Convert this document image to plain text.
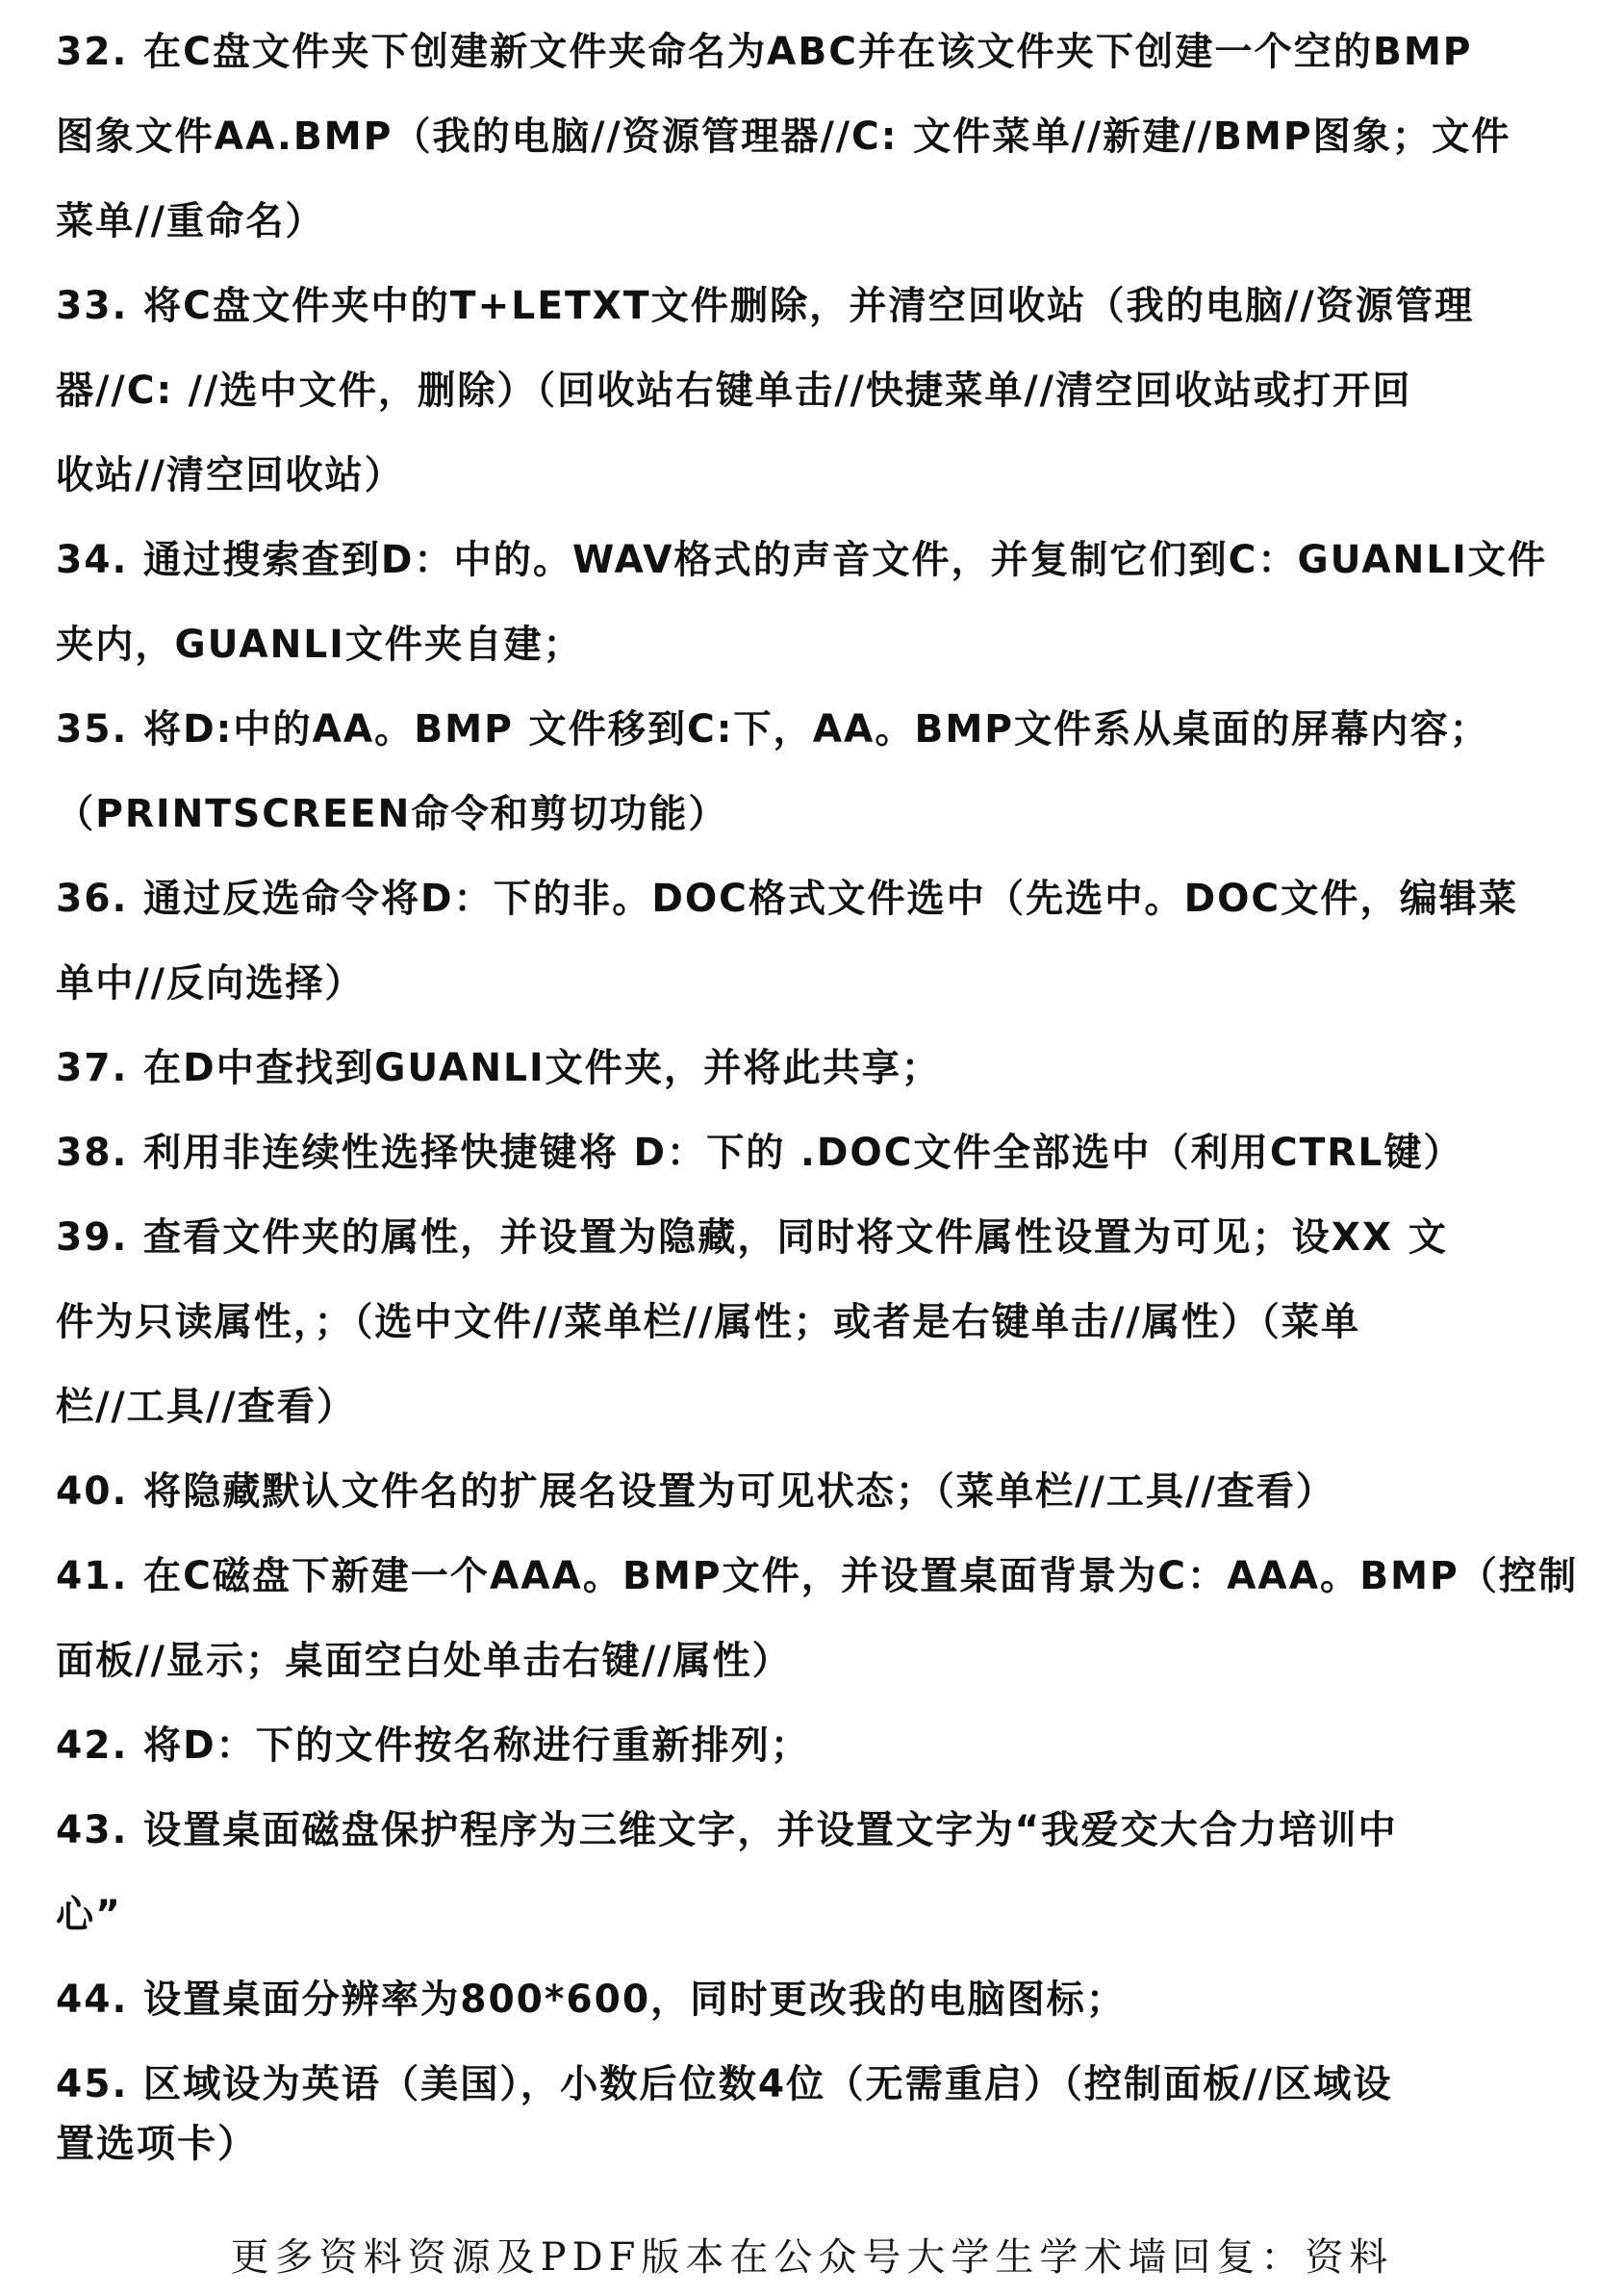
32. 在C盘文件夹下创建新文件夹命名为ABC并在该文件夹下创建一个空的BMP
图象文件AA.BMP（我的电脑//资源管理器//C: 文件菜单//新建//BMP图象；文件
菜单//重命名）
33. 将C盘文件夹中的T+LETXT文件删除，并清空回收站（我的电脑//资源管理
器//C: //选中文件，删除）（回收站右键单击//快捷菜单//清空回收站或打开回
收站//清空回收站）
34. 通过搜索查到D：中的。WAV格式的声音文件，并复制它们到C：GUANLI文件
夹内，GUANLI文件夹自建；
35. 将D:中的AA。BMP 文件移到C:下，AA。BMP文件系从桌面的屏幕内容；
（PRINTSCREEN命令和剪切功能）
36. 通过反选命令将D：下的非。DOC格式文件选中（先选中。DOC文件，编辑菜
单中//反向选择）
37. 在D中查找到GUANLI文件夹，并将此共享；
38. 利用非连续性选择快捷键将 D：下的 .DOC文件全部选中（利用CTRL键）
39. 查看文件夹的属性，并设置为隐藏，同时将文件属性设置为可见；设XX 文
件为只读属性，；（选中文件//菜单栏//属性；或者是右键单击//属性）（菜单
栏//工具//查看）
40. 将隐藏默认文件名的扩展名设置为可见状态；（菜单栏//工具//查看）
41. 在C磁盘下新建一个AAA。BMP文件，并设置桌面背景为C：AAA。BMP（控制
面板//显示；桌面空白处单击右键//属性）
42. 将D：下的文件按名称进行重新排列；
43. 设置桌面磁盘保护程序为三维文字，并设置文字为“我爱交大合力培训中
心”
44. 设置桌面分辨率为800*600，同时更改我的电脑图标；
45. 区域设为英语（美国），小数后位数4位（无需重启）（控制面板//区域设
置选项卡）
更多资料资源及PDF版本在公众号大学生学术墙回复：资料
